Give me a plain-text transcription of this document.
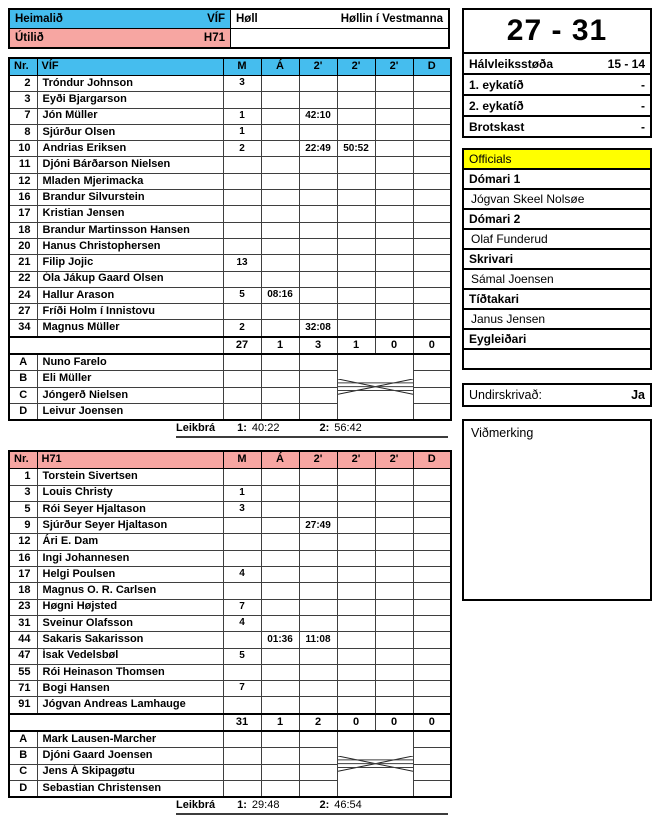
Heimalið VÍF	Høll Høllin í Vestmanna

Útilið H71	

Nr.	VÍF	M	Á	2'	2'	2'	D
2	Tróndur Johnson	3					
3	Eyði Bjargarson						
7	Jón Müller	1		42:10			
8	Sjúrður Olsen	1					
10	Andrias Eriksen	2		22:49	50:52		
11	Djóni Bárðarson Nielsen						
12	Mladen Mjerimacka						
16	Brandur Silvurstein						
17	Kristian Jensen						
18	Brandur Martinsson Hansen						
20	Hanus Christophersen						
21	Filip Jojic	13					
22	Óla Jákup Gaard Olsen						
24	Hallur Arason	5	08:16				
27	Fríði Holm í Innistovu						
34	Magnus Müller	2		32:08			
		27	1	3	1	0	0
A	Nuno Farelo				

B	Eli Müller						
C	Jóngerð Nielsen						
D	Leivur Joensen						
Leikbrá 1: 40:22	2: 56:42
Nr.	H71	M	Á	2'	2'	2'	D
1	Torstein Sivertsen						
3	Louis Christy	1					
5	Rói Seyer Hjaltason	3					
9	Sjúrður Seyer Hjaltason			27:49			
12	Ári E. Dam						
16	Ingi Johannesen						
17	Helgi Poulsen	4					
18	Magnus O. R. Carlsen						
23	Høgni Højsted	7					
31	Sveinur Olafsson	4					
44	Sakaris Sakarisson		01:36	11:08			
47	Ísak Vedelsbøl	5					
55	Rói Heinason Thomsen						
71	Bogi Hansen	7					
91	Jógvan Andreas Lamhauge						
		31	1	2	0	0	0
A	Mark Lausen-Marcher				

B	Djóni Gaard Joensen						
C	Jens Á Skipagøtu						
D	Sebastian Christensen						
Leikbrá 1: 29:48	2: 46:54
27 - 31
Hálvleiksstøða	15 - 14
1. eykatíð	-
2. eykatíð	-
Brotskast	-
Officials
Dómari 1
Jógvan Skeel Nolsøe
Dómari 2
Olaf Funderud
Skrivari
Sámal Joensen
Tíðtakari
Janus Jensen
Eygleiðari
Undirskrivað:	Ja
Viðmerking
